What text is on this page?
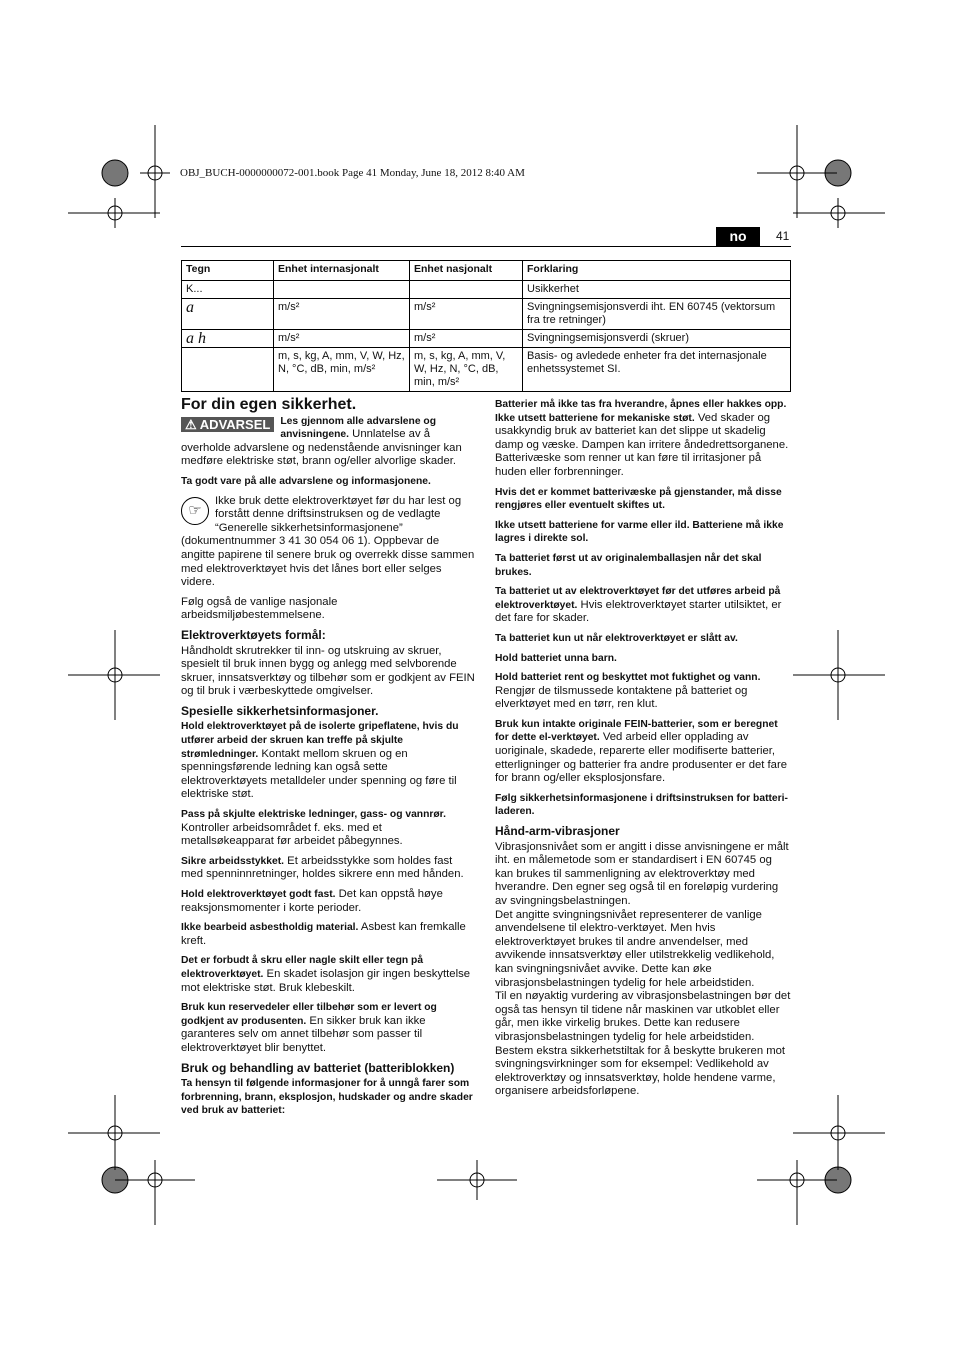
OBJ_BUCH-0000000072-001.book Page 41 Monday, June 18, 2012 8:40 AM
no	41
Tegn	Enhet internasjonalt	Enhet nasjonalt	Forklaring
K...			Usikkerhet
a	m/s²	m/s²	Svingningsemisjonsverdi iht. EN 60745 (vektorsum fra tre retninger)
a h	m/s²	m/s²	Svingningsemisjonsverdi (skruer)
	m, s, kg, A, mm, V, W, Hz, N, °C, dB, min, m/s²	m, s, kg, A, mm, V, W, Hz, N, °C, dB, min, m/s²	Basis- og avledede enheter fra det internasjonale enhetssystemet SI.
For din egen sikkerhet.

⚠ ADVARSEL Les gjennom alle advarslene og anvisningene. Unnlatelse av å overholde advarslene og nedenstående anvisninger kan medføre elektriske støt, brann og/eller alvorlige skader.

Ta godt vare på alle advarslene og informasjonene.

☞
Ikke bruk dette elektroverktøyet før du har lest og forstått denne driftsinstruksen og de vedlagte “Generelle sikkerhetsinformasjonene” (dokumentnummer 3 41 30 054 06 1). Oppbevar de angitte papirene til senere bruk og overrekk disse sammen med elektroverktøyet hvis det lånes bort eller selges videre.

Følg også de vanlige nasjonale arbeidsmiljøbestemmelsene.

Elektroverktøyets formål:

Håndholdt skrutrekker til inn- og utskruing av skruer, spesielt til bruk innen bygg og anlegg med selvborende skruer, innsatsverktøy og tilbehør som er godkjent av FEIN og til bruk i værbeskyttede omgivelser.

Spesielle sikkerhetsinformasjoner.

Hold elektroverktøyet på de isolerte gripeflatene, hvis du utfører arbeid der skruen kan treffe på skjulte strømledninger. Kontakt mellom skruen og en spenningsførende ledning kan også sette elektroverktøyets metalldeler under spenning og føre til elektriske støt.

Pass på skjulte elektriske ledninger, gass- og vannrør. Kontroller arbeidsområdet f. eks. med et metallsøkeapparat før arbeidet påbegynnes.

Sikre arbeidsstykket. Et arbeidsstykke som holdes fast med spenninnretninger, holdes sikrere enn med hånden.

Hold elektroverktøyet godt fast. Det kan oppstå høye reaksjonsmomenter i korte perioder.

Ikke bearbeid asbestholdig material. Asbest kan fremkalle kreft.

Det er forbudt å skru eller nagle skilt eller tegn på elektroverktøyet. En skadet isolasjon gir ingen beskyttelse mot elektriske støt. Bruk klebeskilt.

Bruk kun reservedeler eller tilbehør som er levert og godkjent av produsenten. En sikker bruk kan ikke garanteres selv om annet tilbehør som passer til elektroverktøyet blir benyttet.

Bruk og behandling av batteriet (batteriblokken)

Ta hensyn til følgende informasjoner for å unngå farer som forbrenning, brann, eksplosjon, hudskader og andre skader ved bruk av batteriet:

Batterier må ikke tas fra hverandre, åpnes eller hakkes opp. Ikke utsett batteriene for mekaniske støt. Ved skader og usakkyndig bruk av batteriet kan det slippe ut skadelig damp og væske. Dampen kan irritere åndedrettsorganene. Batterivæske som renner ut kan føre til irritasjoner på huden eller forbrenninger.

Hvis det er kommet batterivæske på gjenstander, må disse rengjøres eller eventuelt skiftes ut.

Ikke utsett batteriene for varme eller ild. Batteriene må ikke lagres i direkte sol.

Ta batteriet først ut av originalemballasjen når det skal brukes.

Ta batteriet ut av elektroverktøyet før det utføres arbeid på elektroverktøyet. Hvis elektroverktøyet starter utilsiktet, er det fare for skader.

Ta batteriet kun ut når elektroverktøyet er slått av.

Hold batteriet unna barn.

Hold batteriet rent og beskyttet mot fuktighet og vann. Rengjør de tilsmussede kontaktene på batteriet og elverktøyet med en tørr, ren klut.

Bruk kun intakte originale FEIN-batterier, som er beregnet for dette el-verktøyet. Ved arbeid eller opplading av uoriginale, skadede, reparerte eller modifiserte batterier, etterligninger og batterier fra andre produsenter er det fare for brann og/eller eksplosjonsfare.

Følg sikkerhetsinformasjonene i driftsinstruksen for batteri-laderen.

Hånd-arm-vibrasjoner

Vibrasjonsnivået som er angitt i disse anvisningene er målt iht. en målemetode som er standardisert i EN 60745 og kan brukes til sammenligning av elektroverktøy med hverandre. Den egner seg også til en foreløpig vurdering av svingningsbelastningen.

Det angitte svingningsnivået representerer de vanlige anvendelsene til elektro-verktøyet. Men hvis elektroverktøyet brukes til andre anvendelser, med avvikende innsatsverktøy eller utilstrekkelig vedlikehold, kan svingningsnivået avvike. Dette kan øke vibrasjonsbelastningen tydelig for hele arbeidstiden.

Til en nøyaktig vurdering av vibrasjonsbelastningen bør det også tas hensyn til tidene når maskinen var utkoblet eller går, men ikke virkelig brukes. Dette kan redusere vibrasjonsbelastningen tydelig for hele arbeidstiden.

Bestem ekstra sikkerhetstiltak for å beskytte brukeren mot svingningsvirkninger som for eksempel: Vedlikehold av elektroverktøy og innsatsverktøy, holde hendene varme, organisere arbeidsforløpene.
